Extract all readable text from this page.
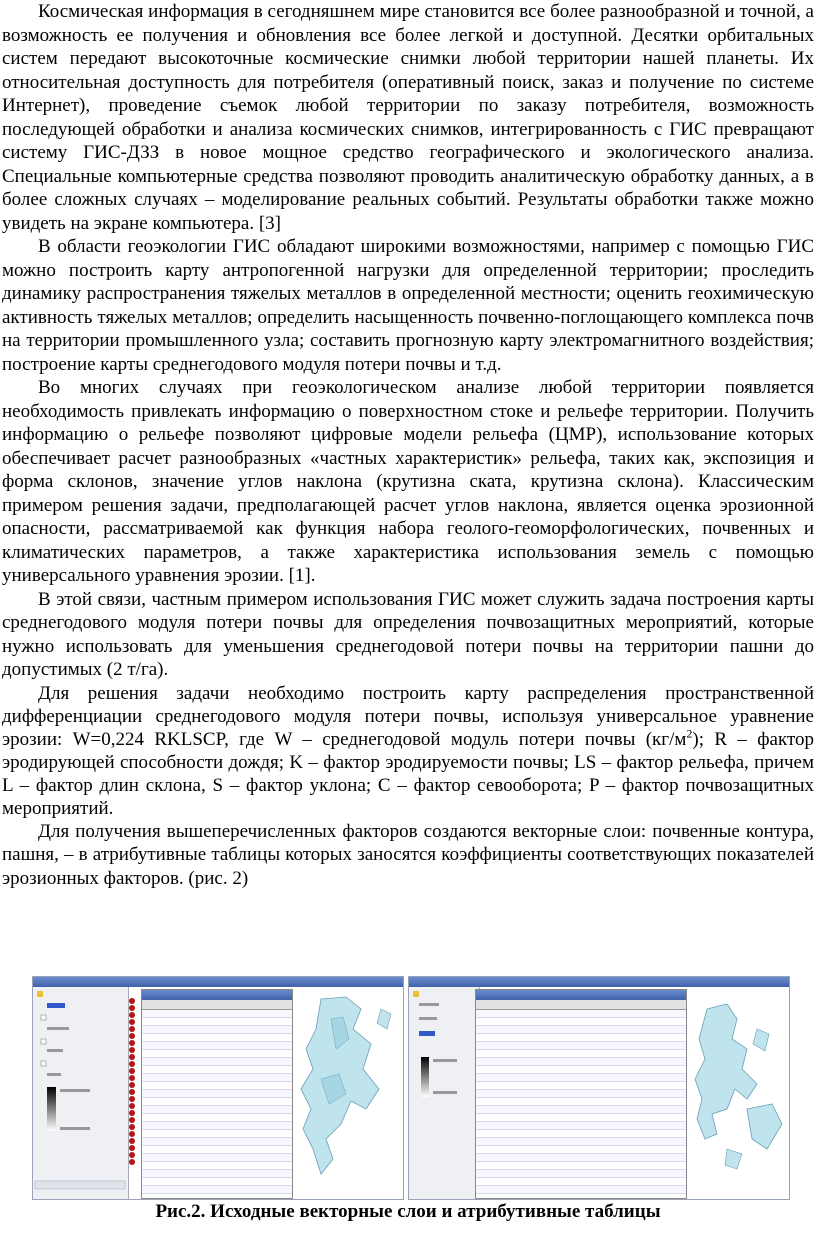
Космическая информация в сегодняшнем мире становится все более разнообразной и точной, а возможность ее получения и обновления все более легкой и доступной. Десятки орбитальных систем передают высокоточные космические снимки любой территории нашей планеты. Их относительная доступность для потребителя (оперативный поиск, заказ и получение по системе Интернет), проведение съемок любой территории по заказу потребителя, возможность последующей обработки и анализа космических снимков, интегрированность с ГИС превращают систему ГИС-ДЗЗ в новое мощное средство географического и экологического анализа. Специальные компьютерные средства позволяют проводить аналитическую обработку данных, а в более сложных случаях – моделирование реальных событий. Результаты обработки также можно увидеть на экране компьютера. [3]

В области геоэкологии ГИС обладают широкими возможностями, например с помощью ГИС можно построить карту антропогенной нагрузки для определенной территории; проследить динамику распространения тяжелых металлов в определенной местности; оценить геохимическую активность тяжелых металлов; определить насыщенность почвенно-поглощающего комплекса почв на территории промышленного узла; составить прогнозную карту электромагнитного воздействия; построение карты среднегодового модуля потери почвы и т.д.

Во многих случаях при геоэкологическом анализе любой территории появляется необходимость привлекать информацию о поверхностном стоке и рельефе территории. Получить информацию о рельефе позволяют цифровые модели рельефа (ЦМР), использование которых обеспечивает расчет разнообразных «частных характеристик» рельефа, таких как, экспозиция и форма склонов, значение углов наклона (крутизна ската, крутизна склона). Классическим примером решения задачи, предполагающей расчет углов наклона, является оценка эрозионной опасности, рассматриваемой как функция набора геолого-геоморфологических, почвенных и климатических параметров, а также характеристика использования земель с помощью универсального уравнения эрозии. [1].

В этой связи, частным примером использования ГИС может служить задача построения карты среднегодового модуля потери почвы для определения почвозащитных мероприятий, которые нужно использовать для уменьшения среднегодовой потери почвы на территории пашни до допустимых (2 т/га).

Для решения задачи необходимо построить карту распределения пространственной дифференциации среднегодового модуля потери почвы, используя универсальное уравнение эрозии: W=0,224 RKLSCP, где W – среднегодовой модуль потери почвы $(кг/м^2)$; R – фактор эродирующей способности дождя; K – фактор эродируемости почвы; LS – фактор рельефа, причем L – фактор длин склона, S – фактор уклона; C – фактор севооборота; P – фактор почвозащитных мероприятий.

Для получения вышеперечисленных факторов создаются векторные слои: почвенные контура, пашня, – в атрибутивные таблицы которых заносятся коэффициенты соответствующих показателей эрозионных факторов. (рис. 2)

Рис.2. Исходные векторные слои и атрибутивные таблицы
